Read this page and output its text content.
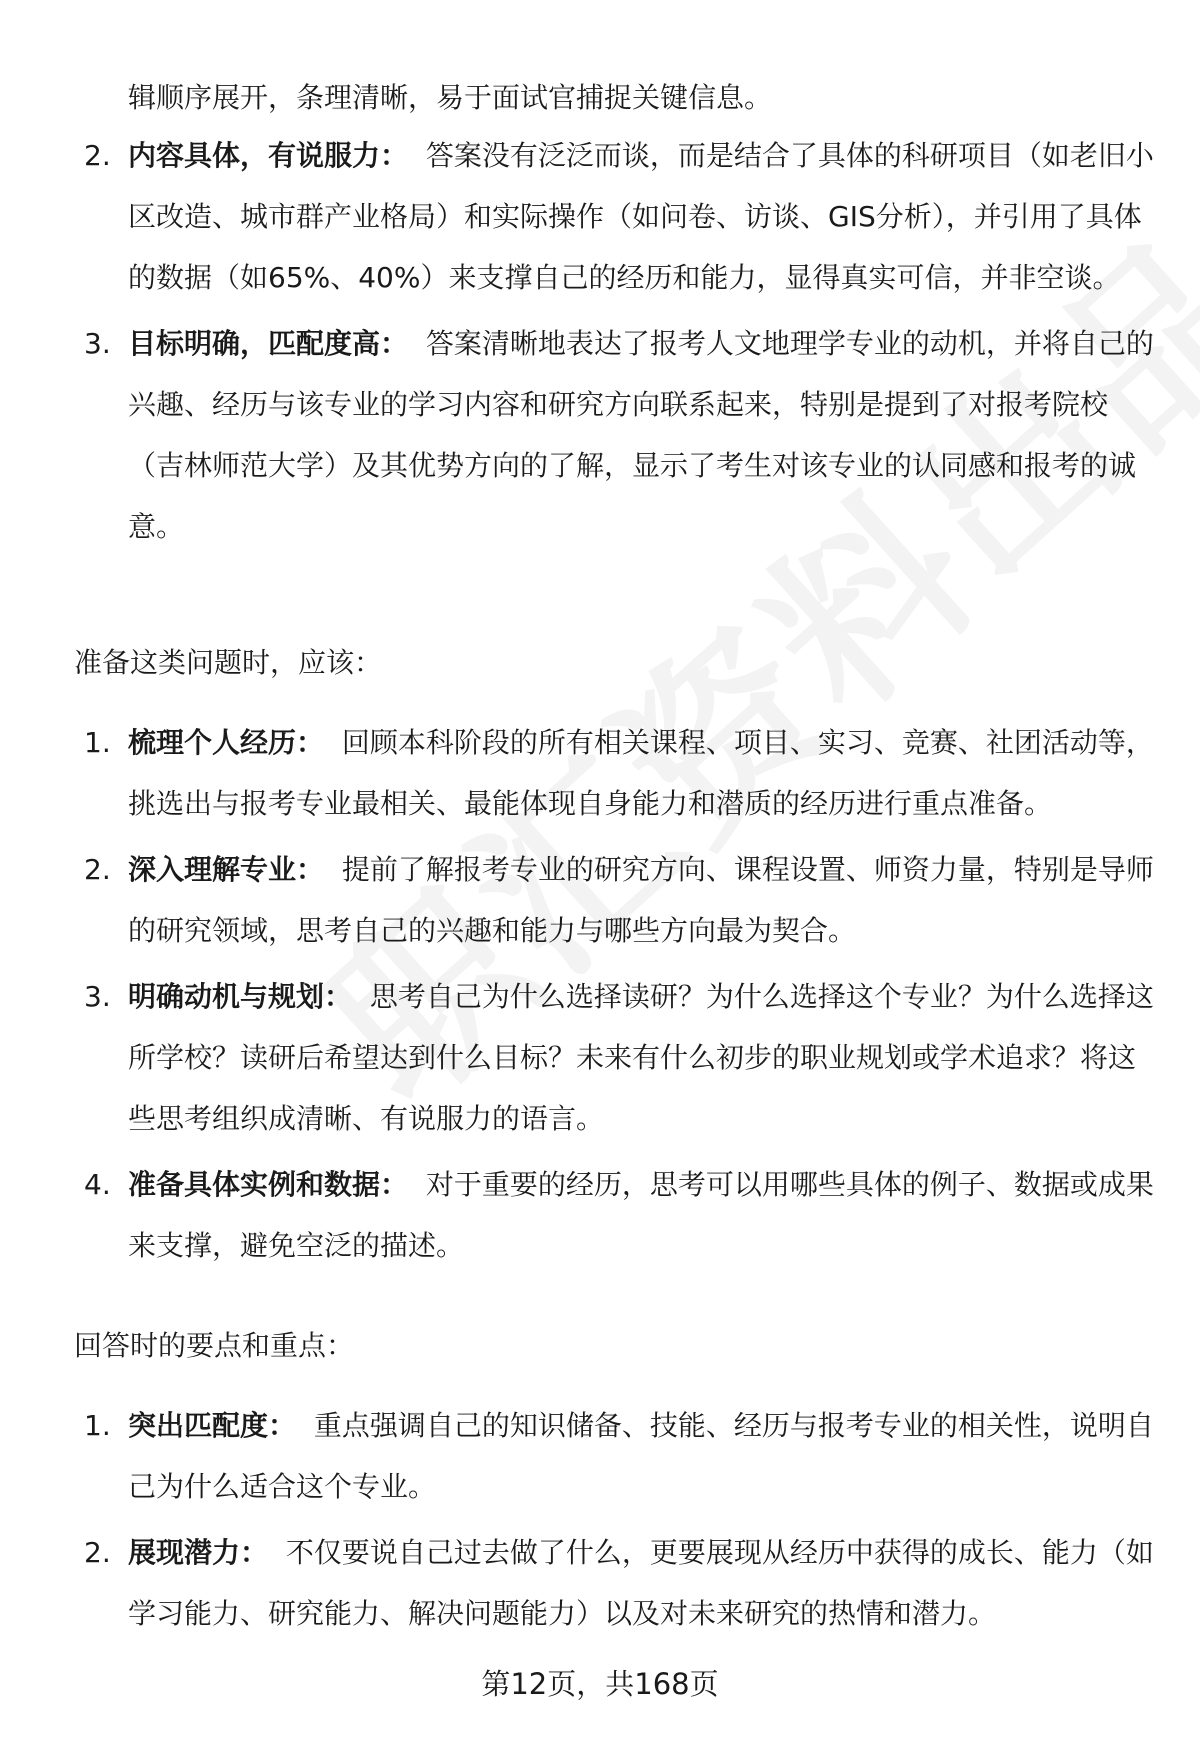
辑顺序展开，条理清晰，易于面试官捕捉关键信息。
2. 内容具体，有说服力： 答案没有泛泛而谈，而是结合了具体的科研项目（如老旧小区改造、城市群产业格局）和实际操作（如问卷、访谈、GIS分析），并引用了具体的数据（如65%、40%）来支撑自己的经历和能力，显得真实可信，并非空谈。
3. 目标明确，匹配度高： 答案清晰地表达了报考人文地理学专业的动机，并将自己的兴趣、经历与该专业的学习内容和研究方向联系起来，特别是提到了对报考院校（吉林师范大学）及其优势方向的了解，显示了考生对该专业的认同感和报考的诚意。
准备这类问题时，应该：
1. 梳理个人经历： 回顾本科阶段的所有相关课程、项目、实习、竞赛、社团活动等，挑选出与报考专业最相关、最能体现自身能力和潜质的经历进行重点准备。
2. 深入理解专业： 提前了解报考专业的研究方向、课程设置、师资力量，特别是导师的研究领域，思考自己的兴趣和能力与哪些方向最为契合。
3. 明确动机与规划： 思考自己为什么选择读研？为什么选择这个专业？为什么选择这所学校？读研后希望达到什么目标？未来有什么初步的职业规划或学术追求？将这些思考组织成清晰、有说服力的语言。
4. 准备具体实例和数据： 对于重要的经历，思考可以用哪些具体的例子、数据或成果来支撑，避免空泛的描述。
回答时的要点和重点：
1. 突出匹配度： 重点强调自己的知识储备、技能、经历与报考专业的相关性，说明自己为什么适合这个专业。
2. 展现潜力： 不仅要说自己过去做了什么，更要展现从经历中获得的成长、能力（如学习能力、研究能力、解决问题能力）以及对未来研究的热情和潜力。
第12页，共168页
